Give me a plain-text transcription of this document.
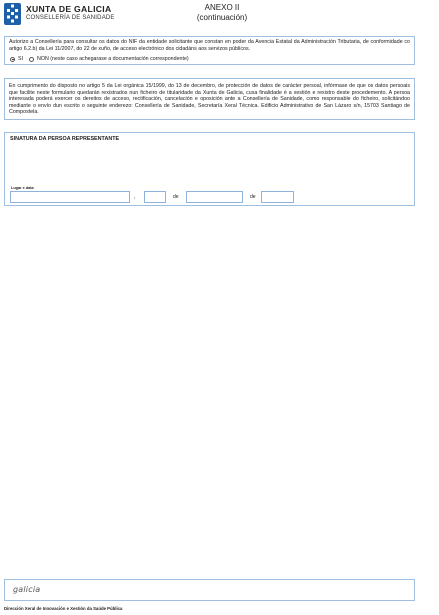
XUNTA DE GALICIA
CONSELLERÍA DE SANIDADE
ANEXO II
(continuación)
Autorizo a Consellería para consultar os datos do NIF da entidade solicitante que constan en poder da Avencia Estatal da Administración Tributaria, de conformidade co artigo 6.2.b) da Lei 11/2007, do 22 de xuño, de acceso electrónico dos cidadáns aos servizos públicos.
SI	NON (neste caso achegarase a documentación correspondente)
En cumprimento do disposto no artigo 5 da Lei orgánica 15/1999, do 13 de decembro, de protección de datos de carácter persoal, infórmase de que os datos persoais que facilite neste formulario quedarán rexistrados nun ficheiro de titularidade da Xunta de Galicia, cuxa finalidade é a xestión e rexistro deste procedemento. A persoa interesada poderá exercer os dereitos de acceso, rectificación, cancelación e oposición ante a Consellería de Sanidade, como responsable do ficheiro, solicitándoo mediante o envío dun escrito o seguinte enderezo: Consellería de Sanidade, Secretaría Xeral Técnica. Edificio Administrativo de San Lázaro s/n, 15703 Santiago de Compostela.
SINATURA DA PERSOA REPRESENTANTE
Lugar e data
,	de	de
galicia
Dirección Xeral de Innovación e Xestión da Saúde Pública
